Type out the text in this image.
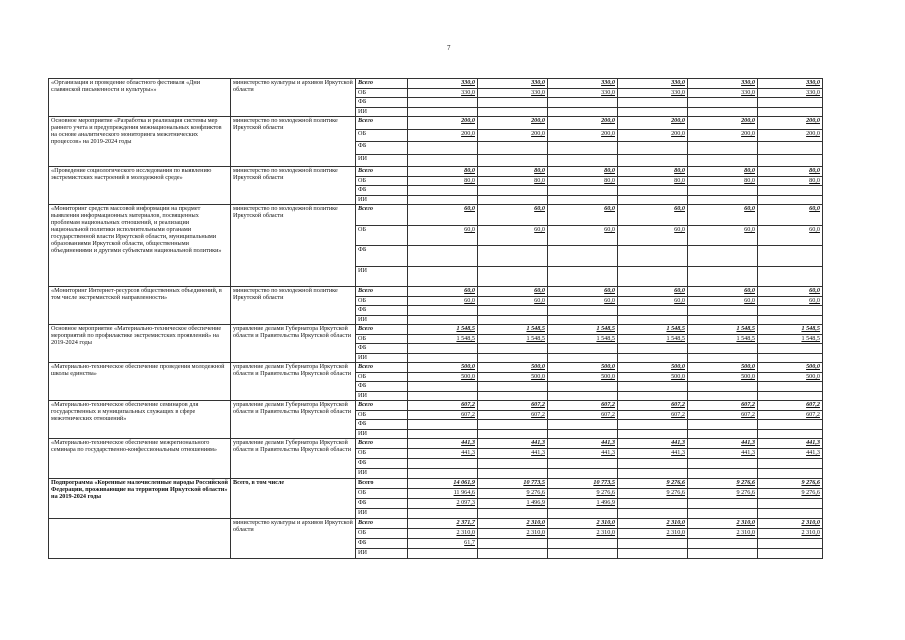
7
«Организация и проведение областного фестиваля «Дни славянской письменности и культуры»»	министерство культуры и архивов Иркутской области	Всего	330,0	330,0	330,0	330,0	330,0	330,0
		ОБ	330,0	330,0	330,0	330,0	330,0	330,0
		ФБ						
		ИИ						
Основное мероприятие «Разработка и реализация системы мер раннего учета и предупреждения межнациональных конфликтов на основе аналитического мониторинга межэтнических процессов» на 2019-2024 годы	министерство по молодежной политике Иркутской области	Всего	200,0	200,0	200,0	200,0	200,0	200,0
		ОБ	200,0	200,0	200,0	200,0	200,0	200,0
		ФБ						
		ИИ						
«Проведение социологического исследования по выявлению экстремистских настроений в молодежной среде»	министерство по молодежной политике Иркутской области	Всего	80,0	80,0	80,0	80,0	80,0	80,0
		ОБ	80,0	80,0	80,0	80,0	80,0	80,0
		ФБ						
		ИИ						
«Мониторинг средств массовой информации на предмет выявления информационных материалов, посвященных проблемам национальных отношений, и реализации национальной политики исполнительными органами государственной власти Иркутской области, муниципальными образованиями Иркутской области, общественными объединениями и другими субъектами национальной политики»	министерство по молодежной политике Иркутской области	Всего	60,0	60,0	60,0	60,0	60,0	60,0
		ОБ	60,0	60,0	60,0	60,0	60,0	60,0
		ФБ						
		ИИ						
«Мониторинг Интернет-ресурсов общественных объединений, в том числе экстремистской направленности»	министерство по молодежной политике Иркутской области	Всего	60,0	60,0	60,0	60,0	60,0	60,0
		ОБ	60,0	60,0	60,0	60,0	60,0	60,0
		ФБ						
		ИИ						
Основное мероприятие «Материально-техническое обеспечение мероприятий по профилактике экстремистских проявлений» на 2019-2024 годы	управление делами Губернатора Иркутской области и Правительства Иркутской области	Всего	1 548,5	1 548,5	1 548,5	1 548,5	1 548,5	1 548,5
		ОБ	1 548,5	1 548,5	1 548,5	1 548,5	1 548,5	1 548,5
		ФБ						
		ИИ						
«Материально-техническое обеспечение проведения молодежной школы единства»	управление делами Губернатора Иркутской области и Правительства Иркутской области	Всего	500,0	500,0	500,0	500,0	500,0	500,0
		ОБ	500,0	500,0	500,0	500,0	500,0	500,0
		ФБ						
		ИИ						
«Материально-техническое обеспечение семинаров для государственных и муниципальных служащих в сфере межэтнических отношений»	управление делами Губернатора Иркутской области и Правительства Иркутской области	Всего	607,2	607,2	607,2	607,2	607,2	607,2
		ОБ	607,2	607,2	607,2	607,2	607,2	607,2
		ФБ						
		ИИ						
«Материально-техническое обеспечение межрегионального семинара по государственно-конфессиональным отношениям»	управление делами Губернатора Иркутской области и Правительства Иркутской области	Всего	441,3	441,3	441,3	441,3	441,3	441,3
		ОБ	441,3	441,3	441,3	441,3	441,3	441,3
		ФБ						
		ИИ						
Подпрограмма «Коренные малочисленные народы Российской Федерации, проживающие на территории Иркутской области» на 2019-2024 годы	Всего, в том числе	Всего	14 061,9	10 773,5	10 773,5	9 276,6	9 276,6	9 276,6
		ОБ	11 964,6	9 276,6	9 276,6	9 276,6	9 276,6	9 276,6
		ФБ	2 097,3	1 496,9	1 496,9			
		ИИ						
	министерство культуры и архивов Иркутской области	Всего	2 371,7	2 310,0	2 310,0	2 310,0	2 310,0	2 310,0
		ОБ	2 310,0	2 310,0	2 310,0	2 310,0	2 310,0	2 310,0
		ФБ	61,7					
		ИИ						
